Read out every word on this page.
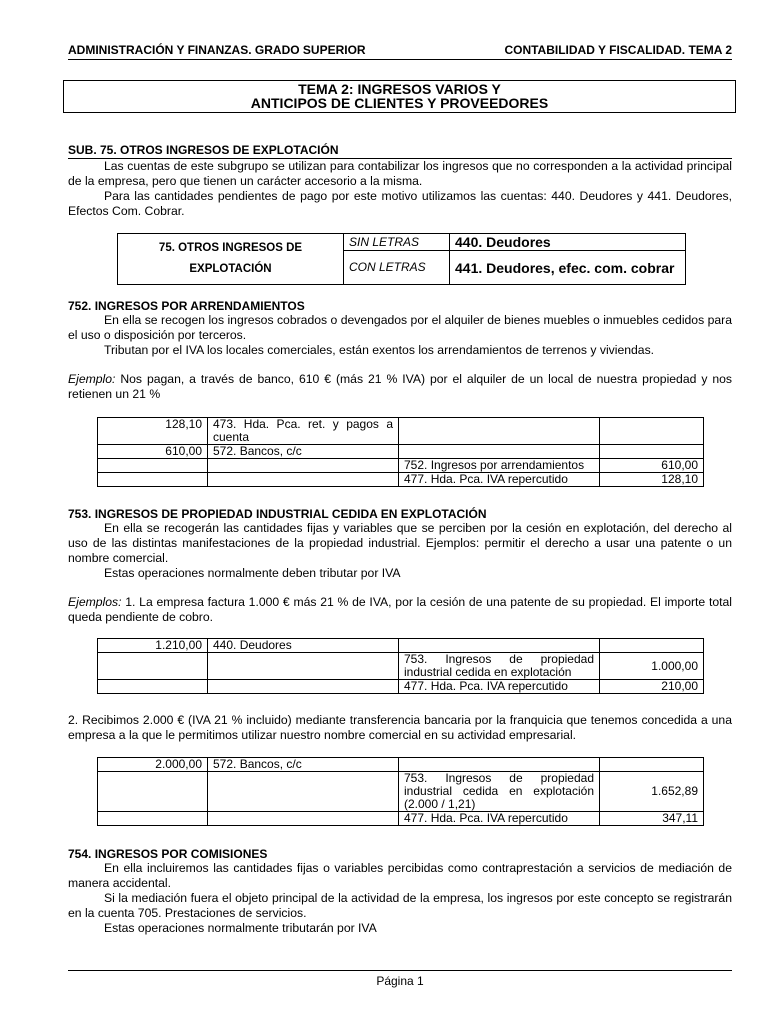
ADMINISTRACIÓN Y FINANZAS. GRADO SUPERIOR	CONTABILIDAD Y FISCALIDAD. TEMA 2
TEMA 2: INGRESOS VARIOS Y
ANTICIPOS DE CLIENTES Y PROVEEDORES
SUB. 75. OTROS INGRESOS DE EXPLOTACIÓN

Las cuentas de este subgrupo se utilizan para contabilizar los ingresos que no corresponden a la actividad principal de la empresa, pero que tienen un carácter accesorio a la misma.

Para las cantidades pendientes de pago por este motivo utilizamos las cuentas: 440. Deudores y 441. Deudores, Efectos Com. Cobrar.

75. OTROS INGRESOS DE
EXPLOTACIÓN	SIN LETRAS	440. Deudores
	CON LETRAS	441. Deudores, efec. com. cobrar
752. INGRESOS POR ARRENDAMIENTOS

En ella se recogen los ingresos cobrados o devengados por el alquiler de bienes muebles o inmuebles cedidos para el uso o disposición por terceros.

Tributan por el IVA los locales comerciales, están exentos los arrendamientos de terrenos y viviendas.

Ejemplo: Nos pagan, a través de banco, 610 € (más 21 % IVA) por el alquiler de un local de nuestra propiedad y nos retienen un 21 %

128,10	473. Hda. Pca. ret. y pagos a cuenta		
610,00	572. Bancos, c/c		
		752. Ingresos por arrendamientos	610,00
		477. Hda. Pca. IVA repercutido	128,10
753. INGRESOS DE PROPIEDAD INDUSTRIAL CEDIDA EN EXPLOTACIÓN

En ella se recogerán las cantidades fijas y variables que se perciben por la cesión en explotación, del derecho al uso de las distintas manifestaciones de la propiedad industrial. Ejemplos: permitir el derecho a usar una patente o un nombre comercial.

Estas operaciones normalmente deben tributar por IVA

Ejemplos: 1. La empresa factura 1.000 € más 21 % de IVA, por la cesión de una patente de su propiedad. El importe total queda pendiente de cobro.

1.210,00	440. Deudores		
		753. Ingresos de propiedad industrial cedida en explotación	1.000,00
		477. Hda. Pca. IVA repercutido	210,00

2. Recibimos 2.000 € (IVA 21 % incluido) mediante transferencia bancaria por la franquicia que tenemos concedida a una empresa a la que le permitimos utilizar nuestro nombre comercial en su actividad empresarial.

2.000,00	572. Bancos, c/c		
		753. Ingresos de propiedad industrial cedida en explotación (2.000 / 1,21)	1.652,89
		477. Hda. Pca. IVA repercutido	347,11
754. INGRESOS POR COMISIONES

En ella incluiremos las cantidades fijas o variables percibidas como contraprestación a servicios de mediación de manera accidental.

Si la mediación fuera el objeto principal de la actividad de la empresa, los ingresos por este concepto se registrarán en la cuenta 705. Prestaciones de servicios.

Estas operaciones normalmente tributarán por IVA

Página 1
